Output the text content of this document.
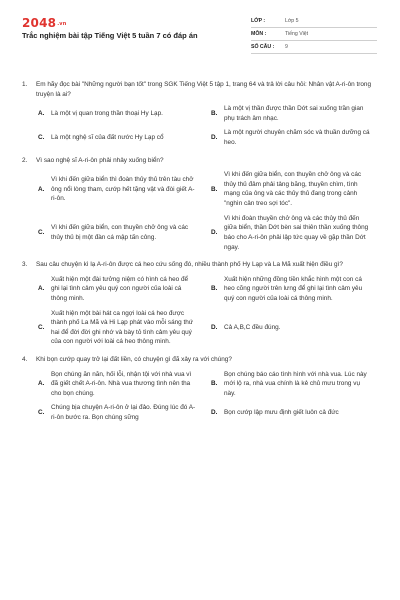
2048.vn
Trắc nghiệm bài tập Tiếng Việt 5 tuần 7 có đáp án
LỚP :	Lớp 5
MÔN :	Tiếng Việt
SỐ CÂU :	9
1.	Em hãy đọc bài "Những người bạn tốt" trong SGK Tiếng Việt 5 tập 1, trang 64 và trả lời câu hỏi: Nhân vật A-ri-ôn trong truyện là ai?
A.	Là một vị quan trong thần thoại Hy Lạp.	B.
Là một vị thần được thần Dớt sai xuống trần gian phụ trách âm nhạc.
C.	Là một nghệ sĩ của đất nước Hy Lạp cổ	D.
Là một người chuyên chăm sóc và thuần dưỡng cá heo.
2.	Vì sao nghệ sĩ A-ri-ôn phải nhảy xuống biển?
A.
Vì khi đến giữa biển thì đoàn thủy thủ trên tàu chở ông nổi lòng tham, cướp hết tặng vật và đòi giết A-ri-ôn.
B.
Vì khi đến giữa biển, con thuyền chở ông và các thủy thủ đâm phải tảng băng, thuyền chìm, tình mạng của ông và các thủy thủ đang trong cảnh "nghìn cân treo sợi tóc".
C.
Vì khi đến giữa biển, con thuyền chở ông và các thủy thủ bị một đàn cá mập tấn công.
D.
Vì khi đoàn thuyền chở ông và các thủy thủ đến giữa biển, thần Dớt bèn sai thiên thần xuống thông báo cho A-ri-ôn phải lập tức quay về gặp thần Dớt ngay.
3.	Sau câu chuyện kì lạ A-ri-ôn được cá heo cứu sống đó, nhiều thành phố Hy Lạp và La Mã xuất hiện điều gì?
A.
Xuất hiện một đài tưởng niệm có hình cá heo để ghi lại tình cảm yêu quý con người của loài cá thông minh.
B.
Xuất hiện những đồng tiền khắc hình một con cá heo cõng người trên lưng để ghi lại tình cảm yêu quý con người của loài cá thông minh.
C.
Xuất hiện một bài hát ca ngợi loài cá heo được thành phố La Mã và Hi Lạp phát vào mỗi sáng thứ hai để đời đời ghi nhớ và bày tỏ tình cảm yêu quý của con người với loài cá heo thông minh.
D.	Cả A,B,C đều đúng.
4.	Khi bọn cướp quay trở lại đất liền, có chuyện gì đã xảy ra với chúng?
A.
Bọn chúng ăn năn, hối lỗi, nhận tội với nhà vua vì đã giết chết A-ri-ôn. Nhà vua thương tình nên tha cho bọn chúng.
B.
Bọn chúng báo cáo tình hình với nhà vua. Lúc này mới lộ ra, nhà vua chính là kẻ chủ mưu trong vụ này.
C.
Chúng bịa chuyện A-ri-ôn ở lại đảo. Đúng lúc đó A-ri-ôn bước ra. Bọn chúng sững
D.	Bọn cướp lập mưu định giết luôn cả đức
